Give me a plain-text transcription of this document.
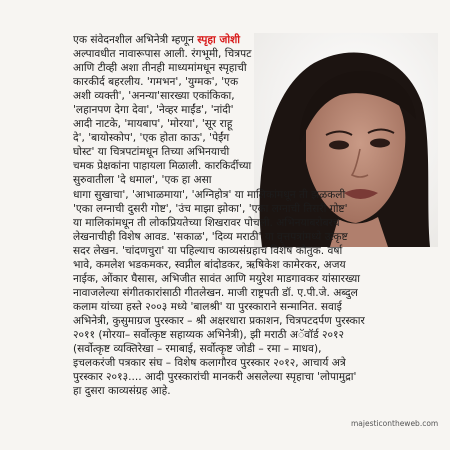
एक संवेदनशील अभिनेत्री म्हणून स्पृहा जोशी
अल्पावधीत नावारूपास आली. रंगभूमी, चित्रपट
आणि टीव्ही अशा तीनही माध्यमांमधून स्पृहाची
कारकीर्द बहरलीय. 'गमभन', 'युग्मक', 'एक
अशी व्यक्ती', 'अनन्या'सारख्या एकांकिका,
'लहानपण देगा देवा', 'नेव्हर माईंड', 'नांदी'
आदी नाटके, 'मायबाप', 'मोरया', 'सूर राहू
दे', 'बायोस्कोप', 'एक होता काऊ', 'पेईंग
घोस्ट' या चित्रपटांमधून तिच्या अभिनयाची
चमक प्रेक्षकांना पाहायला मिळाली. कारकिर्दीच्या
सुरुवातीला 'दे धमाल', 'एक हा असा
धागा सुखाचा', 'आभाळमाया', 'अग्निहोत्र' या मालिकांमधून ती झळकली
'एका लग्नाची दुसरी गोष्ट', 'उंच माझा झोका', 'एका लग्नाची तिसरी गोष्ट'
या मालिकांमधून ती लोकप्रियतेच्या शिखरावर पोचली. अभिनयाबरोबरच
लेखनाचीही विशेष आवड. 'सकाळ', 'दिव्य मराठी' या वृत्तपत्रांमध्ये उत्कृष्ट
सदर लेखन. 'चांदणचुरा' या पहिल्याच काव्यसंग्रहाचं विशेष कौतुक. वर्षा
भावे, कमलेश भडकमकर, स्वप्नील बांदोडकर, ऋषिकेश कामेरकर, अजय
नाईक, ओंकार घैसास, अभिजीत सावंत आणि मयुरेश माडगावकर यांसारख्या
नावाजलेल्या संगीतकारांसाठी गीतलेखन. माजी राष्ट्रपती डॉ. ए.पी.जे. अब्दुल
कलाम यांच्या हस्ते २००३ मध्ये 'बालश्री' या पुरस्काराने सन्मानित. सवाई
अभिनेत्री, कुसुमाग्रज पुरस्कार – श्री अक्षरधारा प्रकाशन, चित्रपटदर्पण पुरस्कार
२०११ (मोरया– सर्वोत्कृष्ट सहाय्यक अभिनेत्री), झी मराठी अॅवॉर्ड २०१२
(सर्वोत्कृष्ट व्यक्तिरेखा – रमाबाई, सर्वोत्कृष्ट जोडी – रमा – माधव),
इचलकरंजी पत्रकार संघ – विशेष कलागौरव पुरस्कार २०१२, आचार्य अत्रे
पुरस्कार २०१३.... आदी पुरस्कारांची मानकरी असलेल्या स्पृहाचा 'लोपामुद्रा'
हा दुसरा काव्यसंग्रह आहे.
majesticontheweb.com
